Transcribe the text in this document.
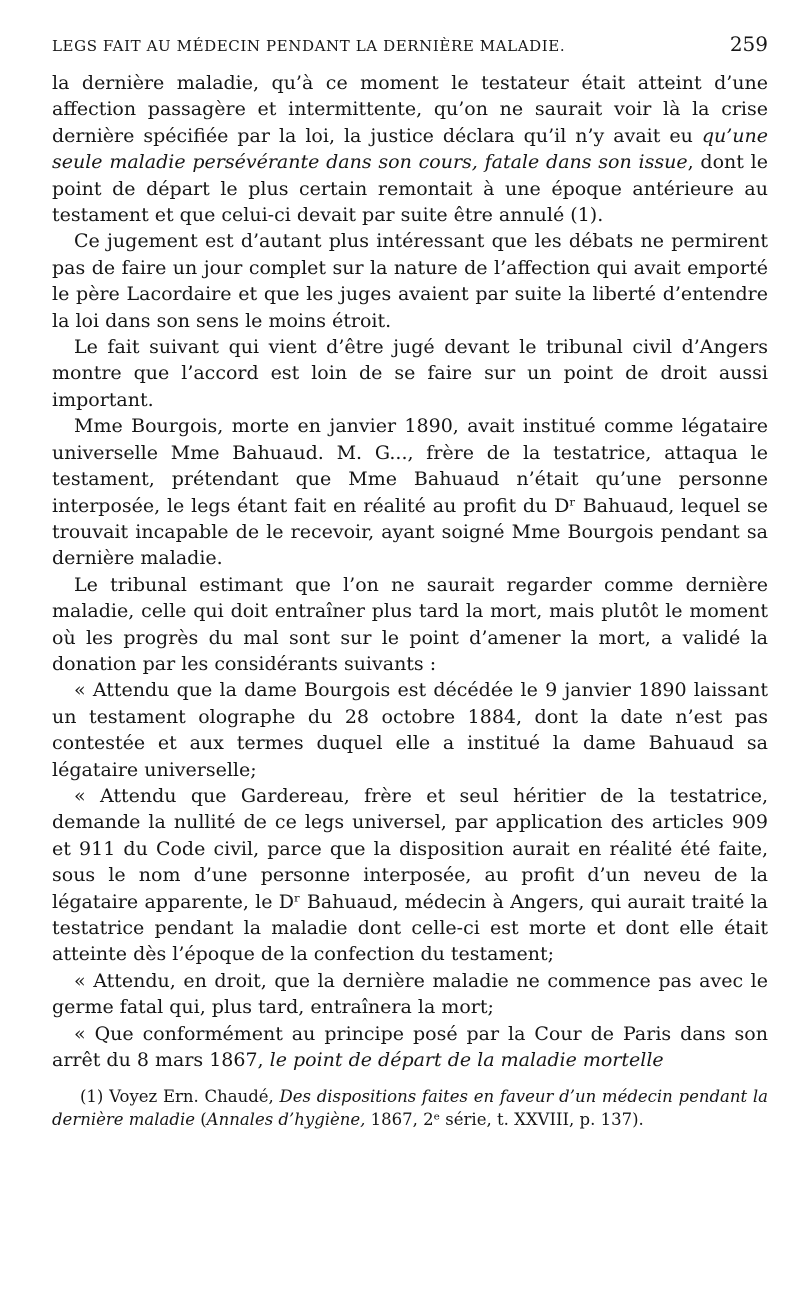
LEGS FAIT AU MÉDECIN PENDANT LA DERNIÈRE MALADIE.	259

la dernière maladie, qu’à ce moment le testateur était atteint d’une affection passagère et intermittente, qu’on ne saurait voir là la crise dernière spécifiée par la loi, la justice déclara qu’il n’y avait eu qu’une seule maladie persévérante dans son cours, fatale dans son issue, dont le point de départ le plus certain remontait à une époque antérieure au testament et que celui-ci devait par suite être annulé (1).

Ce jugement est d’autant plus intéressant que les débats ne permirent pas de faire un jour complet sur la nature de l’affection qui avait emporté le père Lacordaire et que les juges avaient par suite la liberté d’entendre la loi dans son sens le moins étroit.

Le fait suivant qui vient d’être jugé devant le tribunal civil d’Angers montre que l’accord est loin de se faire sur un point de droit aussi important.

Mme Bourgois, morte en janvier 1890, avait institué comme légataire universelle Mme Bahuaud. M. G..., frère de la testatrice, attaqua le testament, prétendant que Mme Bahuaud n’était qu’une personne interposée, le legs étant fait en réalité au profit du Dʳ Bahuaud, lequel se trouvait incapable de le recevoir, ayant soigné Mme Bourgois pendant sa dernière maladie.

Le tribunal estimant que l’on ne saurait regarder comme dernière maladie, celle qui doit entraîner plus tard la mort, mais plutôt le moment où les progrès du mal sont sur le point d’amener la mort, a validé la donation par les considérants suivants :

« Attendu que la dame Bourgois est décédée le 9 janvier 1890 laissant un testament olographe du 28 octobre 1884, dont la date n’est pas contestée et aux termes duquel elle a institué la dame Bahuaud sa légataire universelle;

« Attendu que Gardereau, frère et seul héritier de la testatrice, demande la nullité de ce legs universel, par application des articles 909 et 911 du Code civil, parce que la disposition aurait en réalité été faite, sous le nom d’une personne interposée, au profit d’un neveu de la légataire apparente, le Dʳ Bahuaud, médecin à Angers, qui aurait traité la testatrice pendant la maladie dont celle-ci est morte et dont elle était atteinte dès l’époque de la confection du testament;

« Attendu, en droit, que la dernière maladie ne commence pas avec le germe fatal qui, plus tard, entraînera la mort;

« Que conformément au principe posé par la Cour de Paris dans son arrêt du 8 mars 1867, le point de départ de la maladie mortelle

(1) Voyez Ern. Chaudé, Des dispositions faites en faveur d’un médecin pendant la dernière maladie (Annales d’hygiène, 1867, 2ᵉ série, t. XXVIII, p. 137).
